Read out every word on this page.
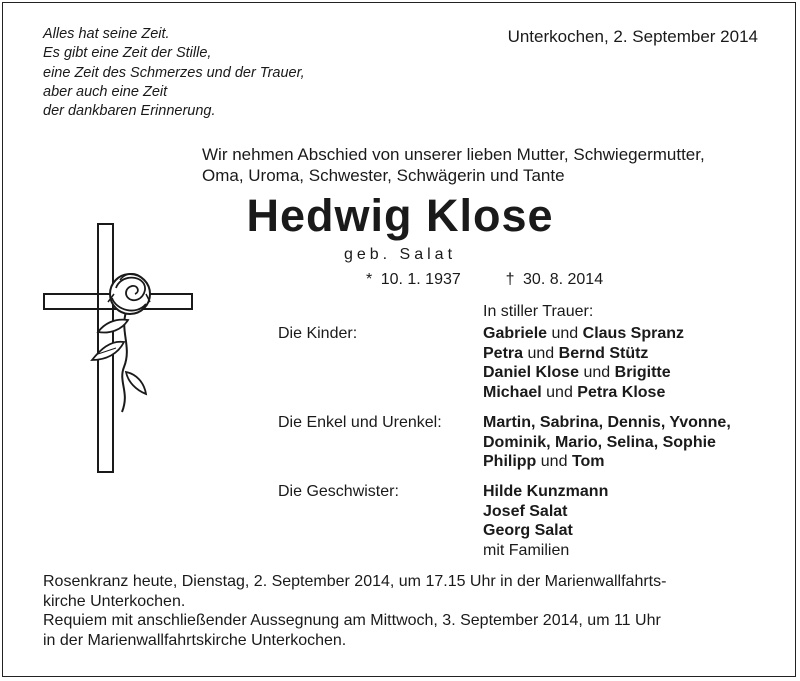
Alles hat seine Zeit.
Es gibt eine Zeit der Stille,
eine Zeit des Schmerzes und der Trauer,
aber auch eine Zeit
der dankbaren Erinnerung.
Unterkochen, 2. September 2014
Wir nehmen Abschied von unserer lieben Mutter, Schwiegermutter,
Oma, Uroma, Schwester, Schwägerin und Tante
Hedwig Klose
geb. Salat
* 10. 1. 1937	† 30. 8. 2014
In stiller Trauer:
Die Kinder:	Gabriele und Claus Spranz
Petra und Bernd Stütz
Daniel Klose und Brigitte
Michael und Petra Klose
Die Enkel und Urenkel:	Martin, Sabrina, Dennis, Yvonne,
Dominik, Mario, Selina, Sophie
Philipp und Tom
Die Geschwister:	Hilde Kunzmann
Josef Salat
Georg Salat
mit Familien
Rosenkranz heute, Dienstag, 2. September 2014, um 17.15 Uhr in der Marienwallfahrts-
kirche Unterkochen.
Requiem mit anschließender Aussegnung am Mittwoch, 3. September 2014, um 11 Uhr
in der Marienwallfahrtskirche Unterkochen.
